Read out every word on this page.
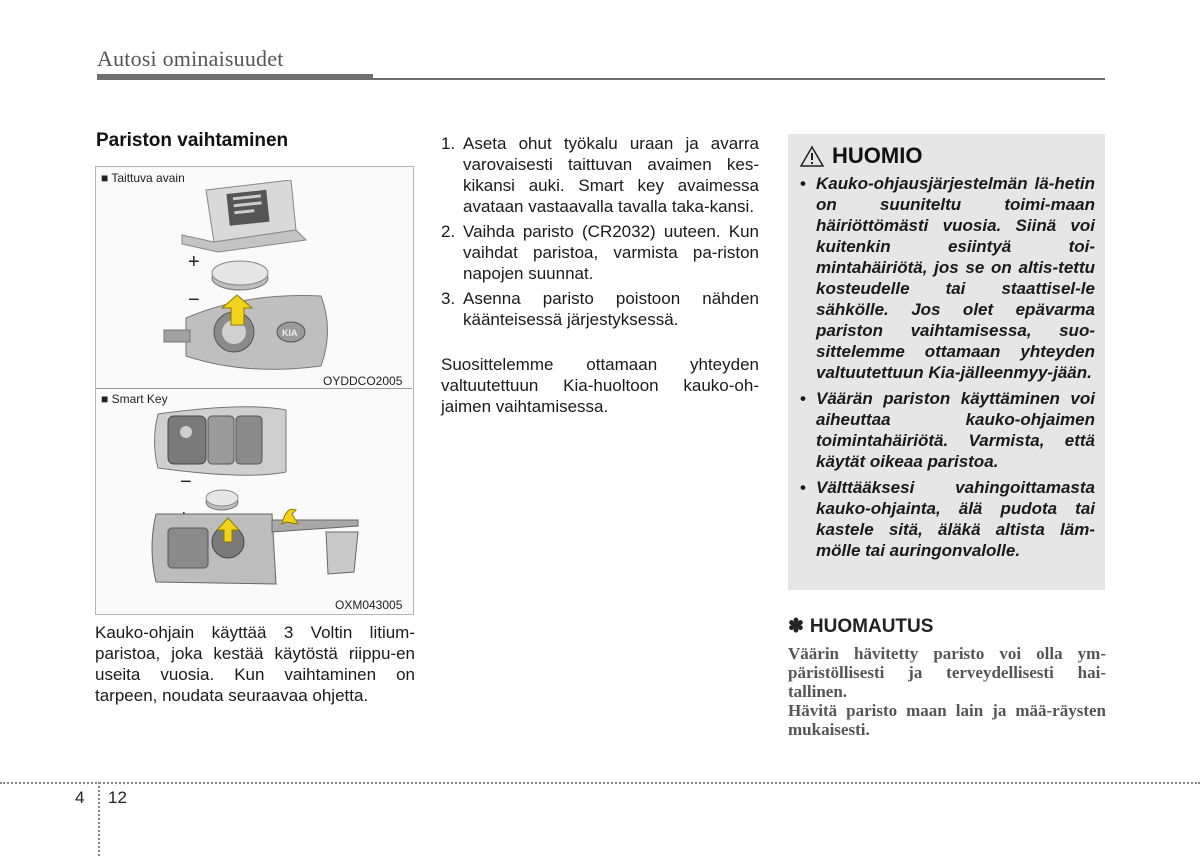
Autosi ominaisuudet
Pariston vaihtaminen
■ Taittuva avain
+
−
KIA
OYDDCO2005
■ Smart Key
−
OXM043005
Kauko-ohjain käyttää 3 Voltin litium-paristoa, joka kestää käytöstä riippu-en useita vuosia. Kun vaihtaminen on tarpeen, noudata seuraavaa ohjetta.
1. Aseta ohut työkalu uraan ja avarra varovaisesti taittuvan avaimen kes-kikansi auki. Smart key avaimessa avataan vastaavalla tavalla taka-kansi.
2. Vaihda paristo (CR2032) uuteen. Kun vaihdat paristoa, varmista pa-riston napojen suunnat.
3. Asenna paristo poistoon nähden käänteisessä järjestyksessä.
Suosittelemme ottamaan yhteyden valtuutettuun Kia-huoltoon kauko-oh-jaimen vaihtamisessa.
HUOMIO
• Kauko-ohjausjärjestelmän lä-hetin on suuniteltu toimi-maan häiriöttömästi vuosia. Siinä voi kuitenkin esiintyä toi-mintahäiriötä, jos se on altis-tettu kosteudelle tai staattisel-le sähkölle. Jos olet epävarma pariston vaihtamisessa, suo-sittelemme ottamaan yhteyden valtuutettuun Kia-jälleenmyy-jään.
• Väärän pariston käyttäminen voi aiheuttaa kauko-ohjaimen toimintahäiriötä. Varmista, että käytät oikeaa paristoa.
• Välttääksesi vahingoittamasta kauko-ohjainta, älä pudota tai kastele sitä, äläkä altista läm-mölle tai auringonvalolle.
✽ HUOMAUTUS
Väärin hävitetty paristo voi olla ym-päristöllisesti ja terveydellisesti hai-tallinen.
Hävitä paristo maan lain ja mää-räysten mukaisesti.
4 12
